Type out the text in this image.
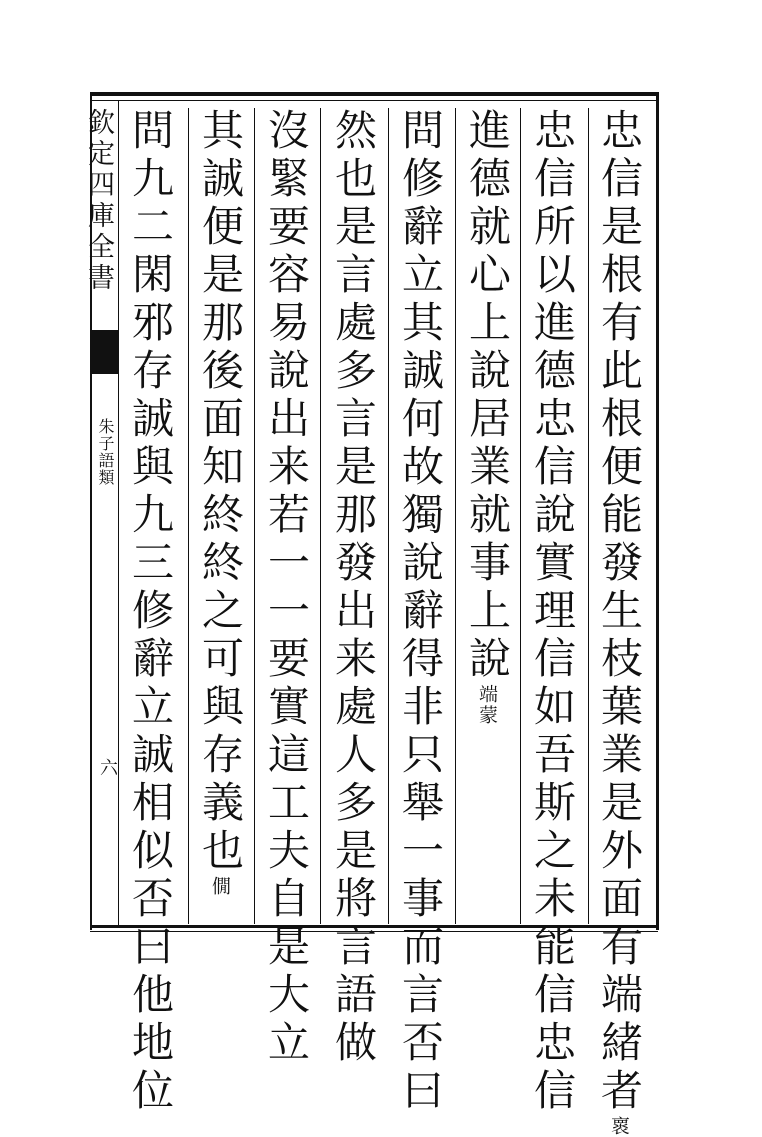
欽定四庫全書
朱子語類
六	忠信是根有此根便能發生枝葉業是外面有端緒者褱
忠信所以進德忠信說實理信如吾斯之未能信忠信
進德就心上說居業就事上說端蒙
問修辭立其誠何故獨說辭得非只舉一事而言否曰
然也是言處多言是那發出来處人多是將言語做
沒緊要容易說出来若一一要實這工夫自是大立
其誠便是那後面知終終之可與存義也僩
問九二閑邪存誠與九三修辭立誠相似否曰他地位
